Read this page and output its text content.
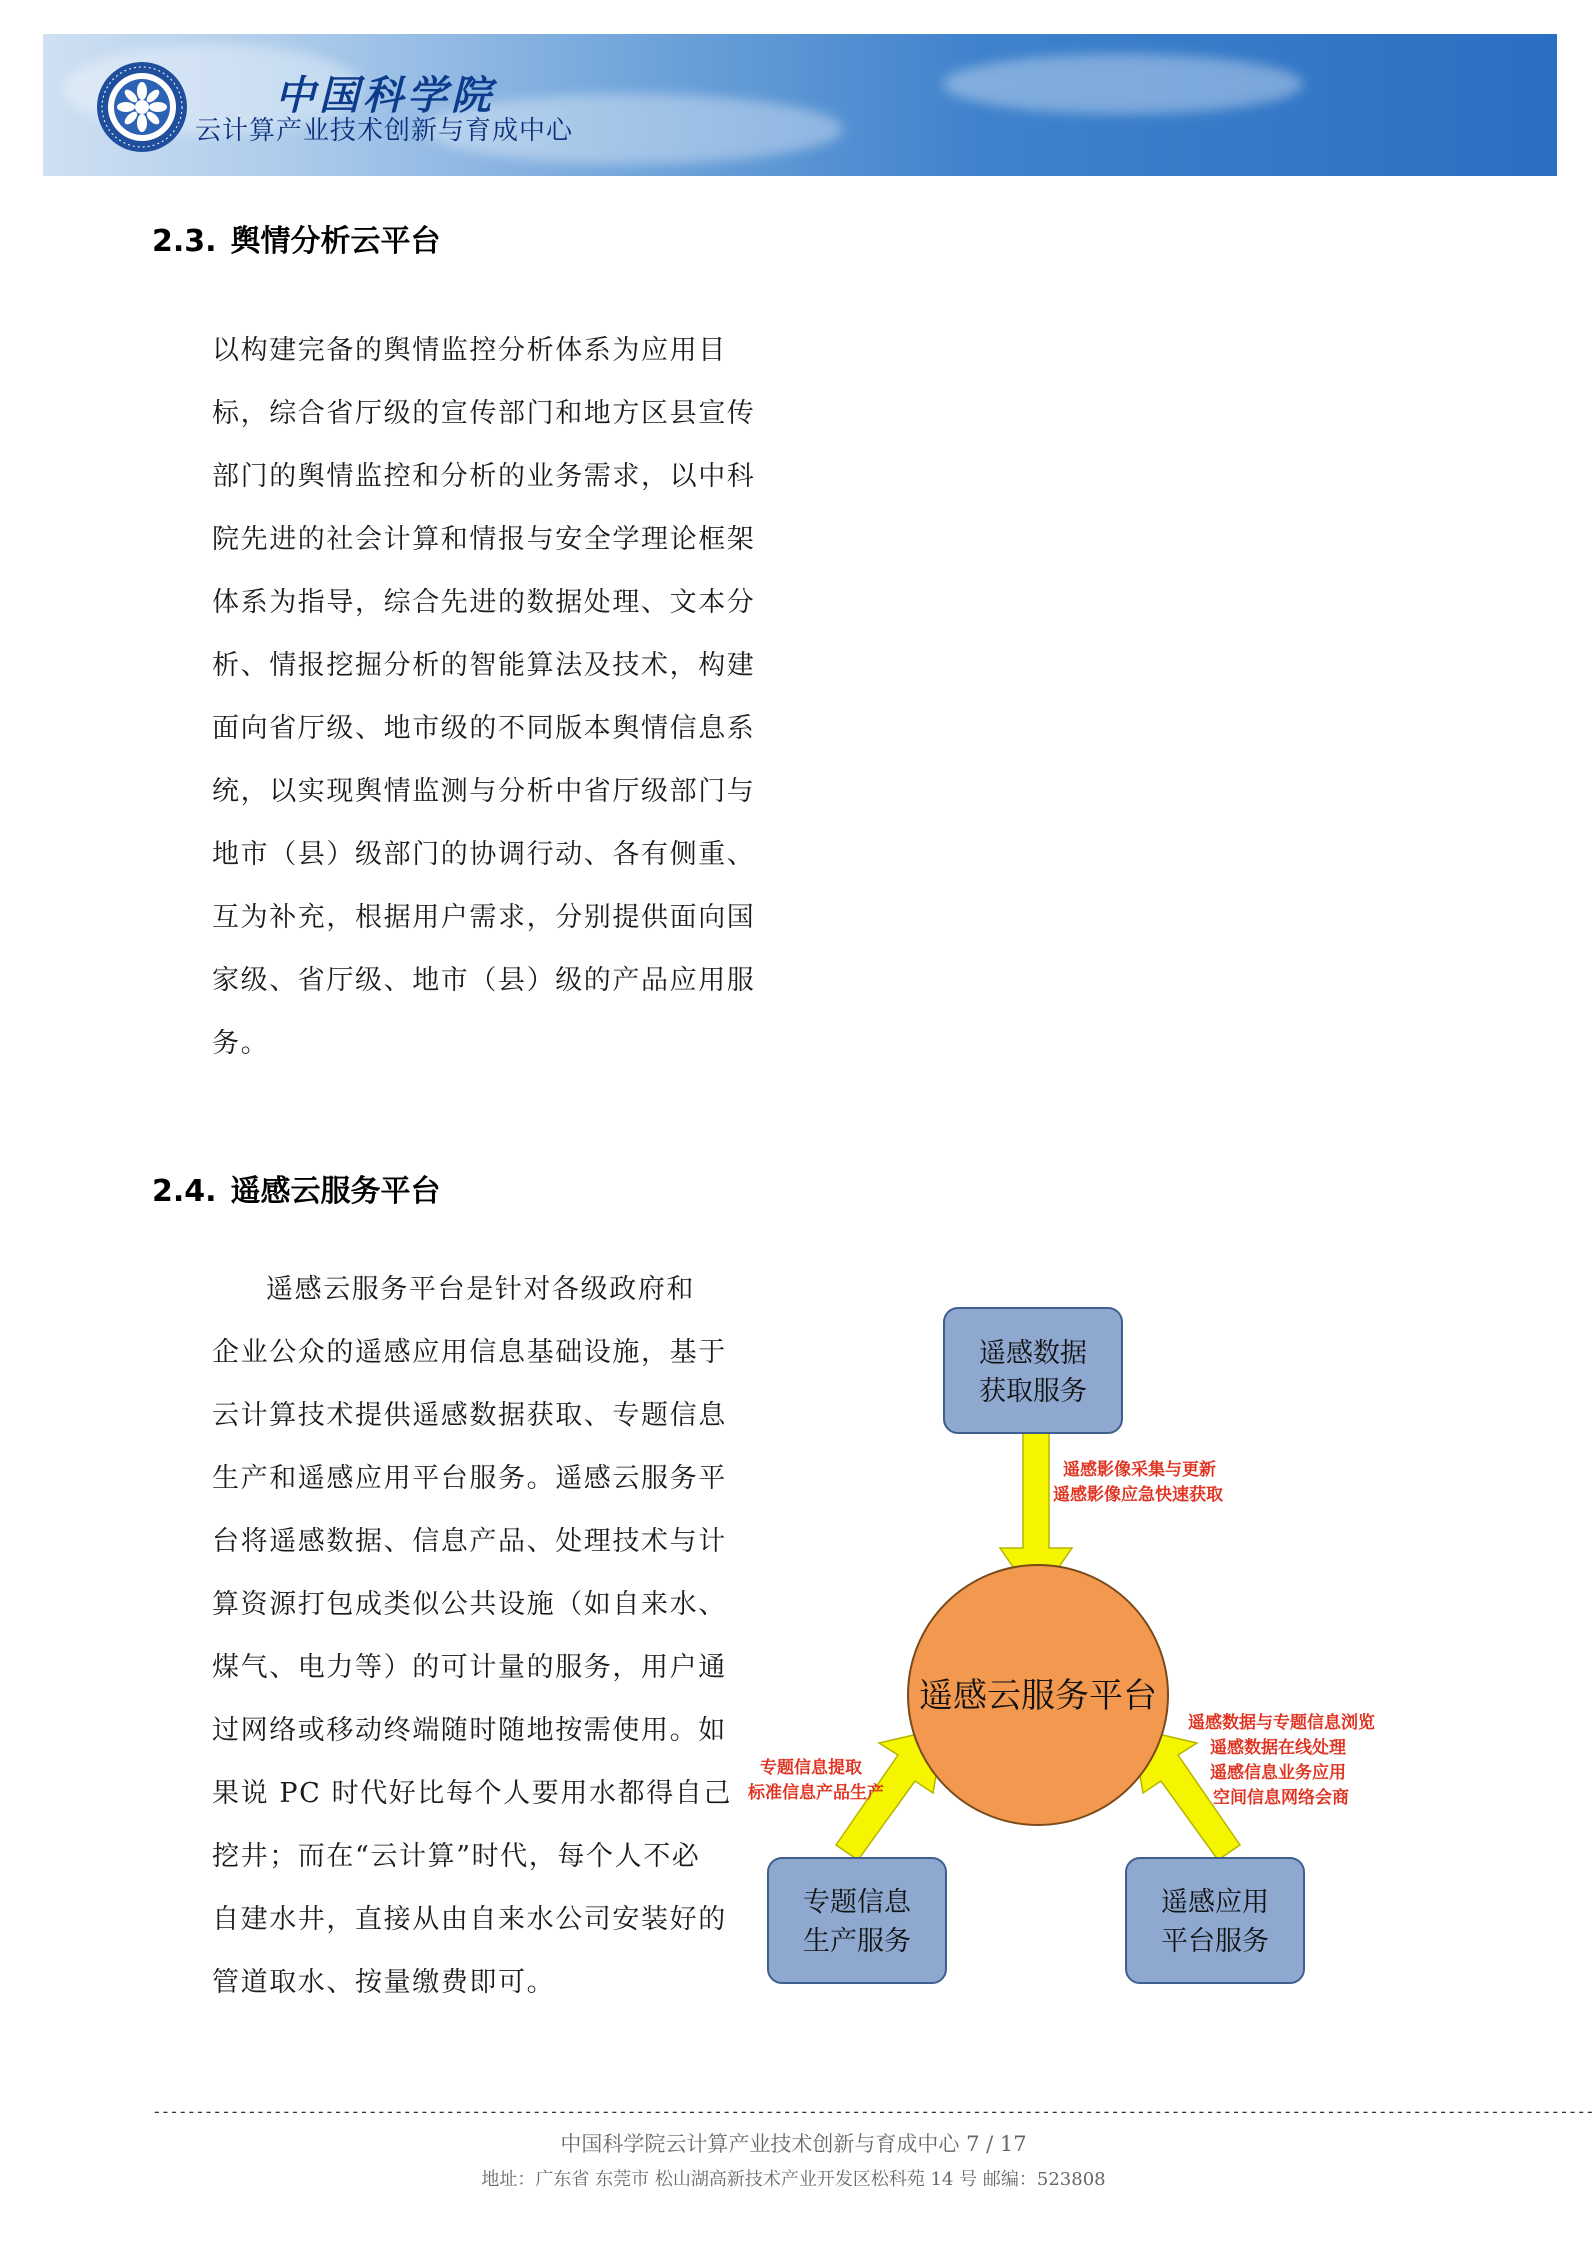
中国科学院
云计算产业技术创新与育成中心
2.3. 舆情分析云平台
以构建完备的舆情监控分析体系为应用目
标，综合省厅级的宣传部门和地方区县宣传
部门的舆情监控和分析的业务需求，以中科
院先进的社会计算和情报与安全学理论框架
体系为指导，综合先进的数据处理、文本分
析、情报挖掘分析的智能算法及技术，构建
面向省厅级、地市级的不同版本舆情信息系
统，以实现舆情监测与分析中省厅级部门与
地市（县）级部门的协调行动、各有侧重、
互为补充，根据用户需求，分别提供面向国
家级、省厅级、地市（县）级的产品应用服
务。
2.4. 遥感云服务平台
遥感云服务平台是针对各级政府和
企业公众的遥感应用信息基础设施，基于
云计算技术提供遥感数据获取、专题信息
生产和遥感应用平台服务。遥感云服务平
台将遥感数据、信息产品、处理技术与计
算资源打包成类似公共设施（如自来水、
煤气、电力等）的可计量的服务，用户通
过网络或移动终端随时随地按需使用。如
果说 PC 时代好比每个人要用水都得自己
挖井；而在“云计算”时代，每个人不必
自建水井，直接从由自来水公司安装好的
管道取水、按量缴费即可。
遥感云服务平台
遥感数据
获取服务
专题信息
生产服务
遥感应用
平台服务
遥感影像采集与更新
遥感影像应急快速获取
专题信息提取
标准信息产品生产
遥感数据与专题信息浏览
遥感数据在线处理
遥感信息业务应用
空间信息网络会商
-----------------------------------------------------------------------------------------------------------------------------------------------------------------------
中国科学院云计算产业技术创新与育成中心 7 / 17
地址：广东省 东莞市 松山湖高新技术产业开发区松科苑 14 号 邮编：523808
